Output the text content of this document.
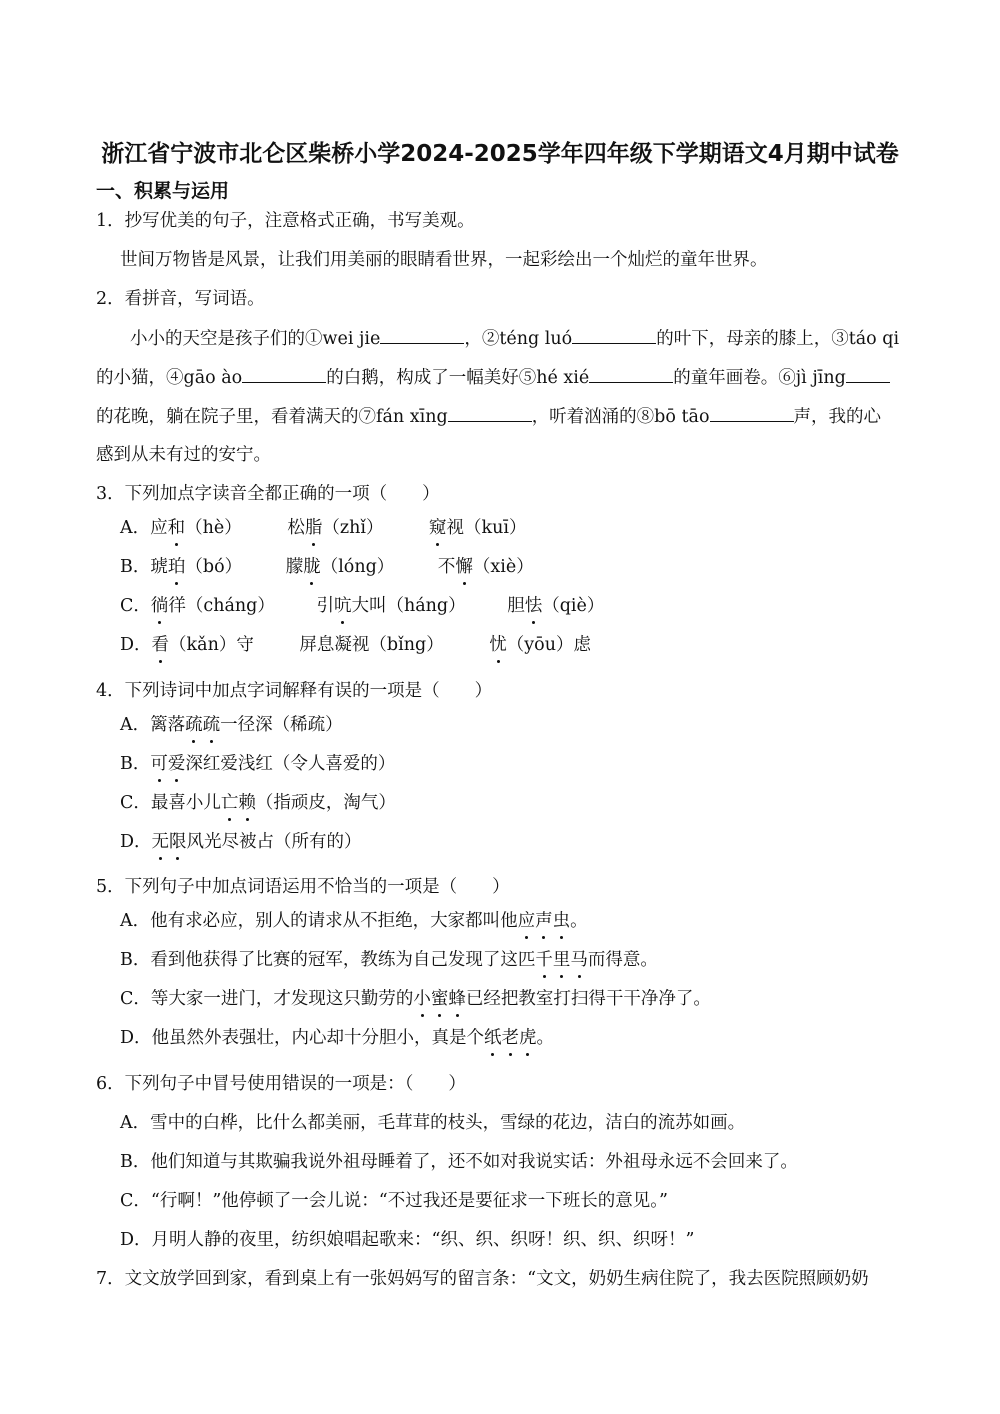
浙江省宁波市北仑区柴桥小学2024-2025学年四年级下学期语文4月期中试卷
一、积累与运用
1．抄写优美的句子，注意格式正确，书写美观。
世间万物皆是风景，让我们用美丽的眼睛看世界，一起彩绘出一个灿烂的童年世界。
2．看拼音，写词语。
小小的天空是孩子们的①wei jie	，②téng luó	的叶下，母亲的膝上，③táo qi
的小猫，④gāo ào	的白鹅，构成了一幅美好⑤hé xié	的童年画卷。⑥jì jīng
的花晚，躺在院子里，看着满天的⑦fán xīng	，听着汹涌的⑧bō tāo	声，我的心
感到从未有过的安宁。
3．下列加点字读音全都正确的一项（　　）
A．应和（hè）	松脂（zhǐ）	窥视（kuī）
B．琥珀（bó） 朦胧（lóng） 不懈（xiè）
C．徜徉（cháng） 引吭大叫（háng） 胆怯（qiè）
D．看（kǎn）守	屏息凝视（bǐng）	忧（yōu）虑
4．下列诗词中加点字词解释有误的一项是（　　）
A．篱落疏疏一径深（稀疏）
B．可爱深红爱浅红（令人喜爱的）
C．最喜小儿亡赖（指顽皮，淘气）
D．无限风光尽被占（所有的）
5．下列句子中加点词语运用不恰当的一项是（　　）
A．他有求必应，别人的请求从不拒绝，大家都叫他应声虫。
B．看到他获得了比赛的冠军，教练为自己发现了这匹千里马而得意。
C．等大家一进门，才发现这只勤劳的小蜜蜂已经把教室打扫得干干净净了。
D．他虽然外表强壮，内心却十分胆小，真是个纸老虎。
6．下列句子中冒号使用错误的一项是：（　　）
A．雪中的白桦，比什么都美丽，毛茸茸的枝头，雪绿的花边，洁白的流苏如画。
B．他们知道与其欺骗我说外祖母睡着了，还不如对我说实话：外祖母永远不会回来了。
C．“行啊！”他停顿了一会儿说：“不过我还是要征求一下班长的意见。”
D．月明人静的夜里，纺织娘唱起歌来：“织、织、织呀！织、织、织呀！”
7．文文放学回到家，看到桌上有一张妈妈写的留言条：“文文，奶奶生病住院了，我去医院照顾奶奶
